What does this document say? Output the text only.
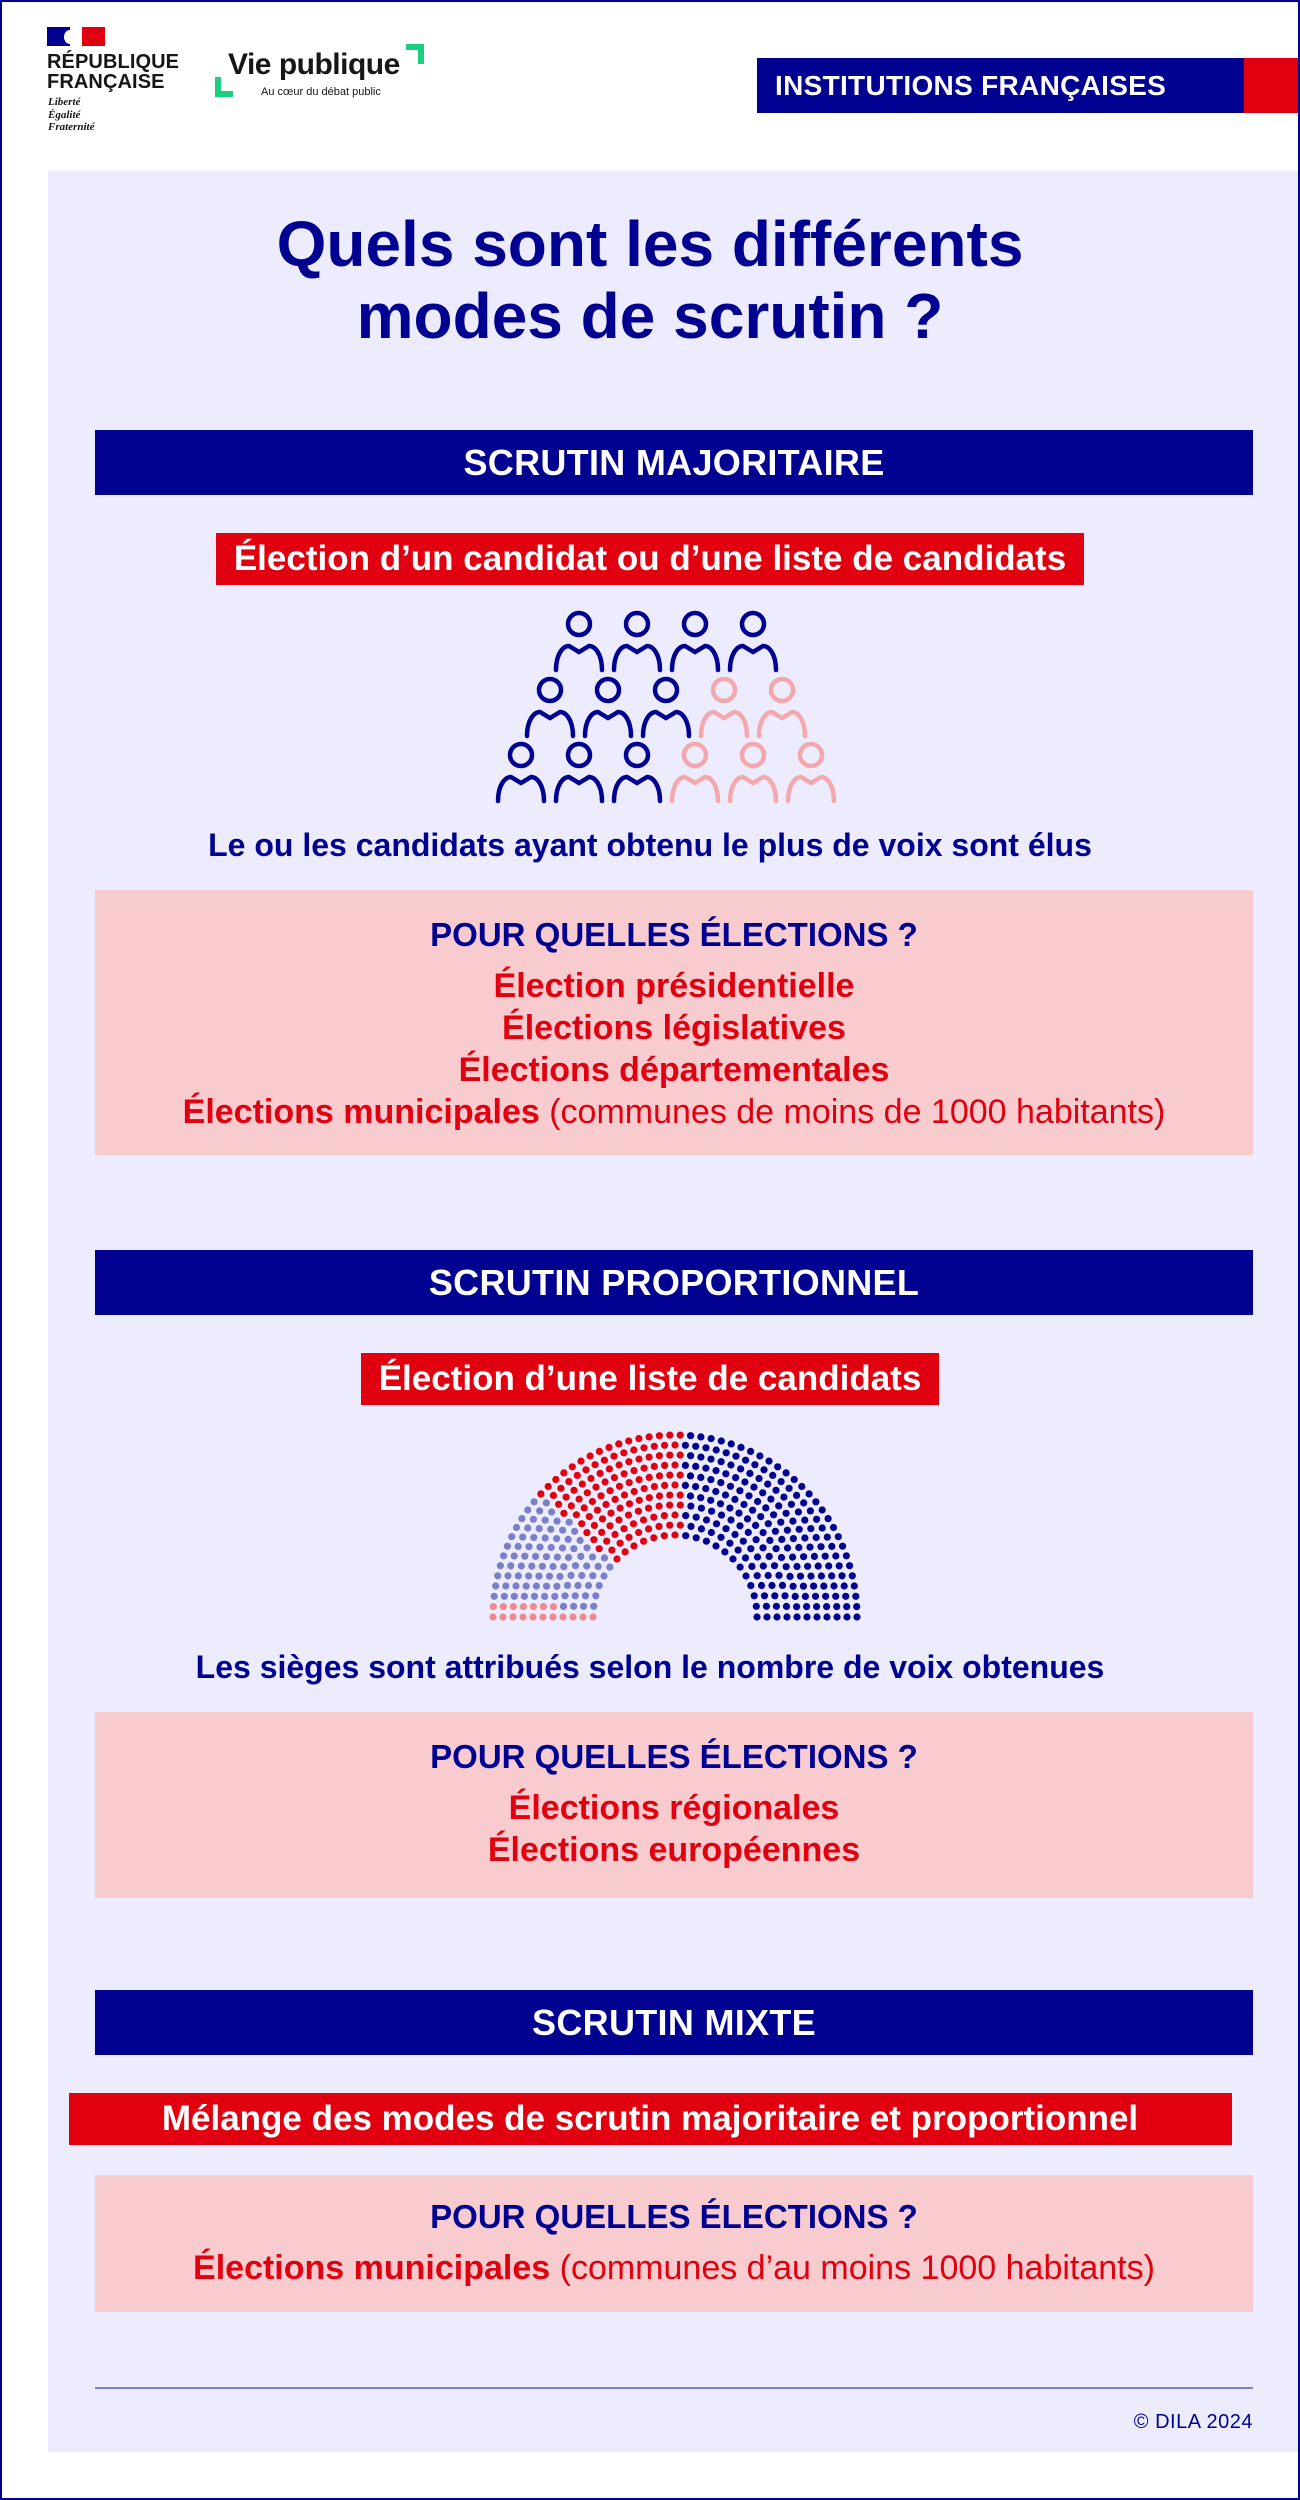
RÉPUBLIQUE
FRANÇAISE
Liberté
Égalité
Fraternité
Vie publique
Au cœur du débat public	INSTITUTIONS FRANÇAISES
Quels sont les différents
modes de scrutin ?
SCRUTIN MAJORITAIRE
Élection d’un candidat ou d’une liste de candidats
Le ou les candidats ayant obtenu le plus de voix sont élus
POUR QUELLES ÉLECTIONS ?
Élection présidentielle
Élections législatives
Élections départementales
Élections municipales (communes de moins de 1000 habitants)
SCRUTIN PROPORTIONNEL
Élection d’une liste de candidats
Les sièges sont attribués selon le nombre de voix obtenues
POUR QUELLES ÉLECTIONS ?
Élections régionales
Élections européennes
SCRUTIN MIXTE
Mélange des modes de scrutin majoritaire et proportionnel
POUR QUELLES ÉLECTIONS ?
Élections municipales (communes d’au moins 1000 habitants)
© DILA 2024
